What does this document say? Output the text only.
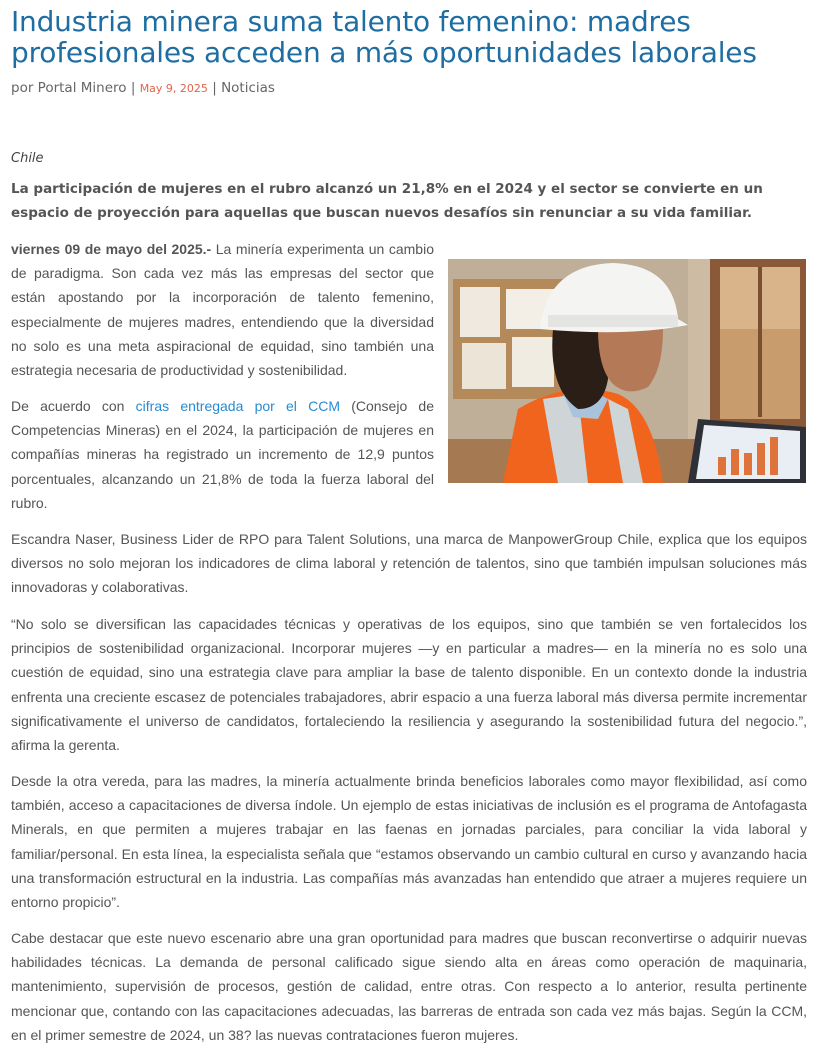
Industria minera suma talento femenino: madres profesionales acceden a más oportunidades laborales
por Portal Minero | May 9, 2025 | Noticias
Chile

La participación de mujeres en el rubro alcanzó un 21,8% en el 2024 y el sector se convierte en un espacio de proyección para aquellas que buscan nuevos desafíos sin renunciar a su vida familiar.

viernes 09 de mayo del 2025.- La minería experimenta un cambio de paradigma. Son cada vez más las empresas del sector que están apostando por la incorporación de talento femenino, especialmente de mujeres madres, entendiendo que la diversidad no solo es una meta aspiracional de equidad, sino también una estrategia necesaria de productividad y sostenibilidad.

De acuerdo con cifras entregada por el CCM (Consejo de Competencias Mineras) en el 2024, la participación de mujeres en compañías mineras ha registrado un incremento de 12,9 puntos porcentuales, alcanzando un 21,8% de toda la fuerza laboral del rubro.

Escandra Naser, Business Lider de RPO para Talent Solutions, una marca de ManpowerGroup Chile, explica que los equipos diversos no solo mejoran los indicadores de clima laboral y retención de talentos, sino que también impulsan soluciones más innovadoras y colaborativas.

“No solo se diversifican las capacidades técnicas y operativas de los equipos, sino que también se ven fortalecidos los principios de sostenibilidad organizacional. Incorporar mujeres —y en particular a madres— en la minería no es solo una cuestión de equidad, sino una estrategia clave para ampliar la base de talento disponible. En un contexto donde la industria enfrenta una creciente escasez de potenciales trabajadores, abrir espacio a una fuerza laboral más diversa permite incrementar significativamente el universo de candidatos, fortaleciendo la resiliencia y asegurando la sostenibilidad futura del negocio.”, afirma la gerenta.

Desde la otra vereda, para las madres, la minería actualmente brinda beneficios laborales como mayor flexibilidad, así como también, acceso a capacitaciones de diversa índole. Un ejemplo de estas iniciativas de inclusión es el programa de Antofagasta Minerals, en que permiten a mujeres trabajar en las faenas en jornadas parciales, para conciliar la vida laboral y familiar/personal. En esta línea, la especialista señala que “estamos observando un cambio cultural en curso y avanzando hacia una transformación estructural en la industria. Las compañías más avanzadas han entendido que atraer a mujeres requiere un entorno propicio”.

Cabe destacar que este nuevo escenario abre una gran oportunidad para madres que buscan reconvertirse o adquirir nuevas habilidades técnicas. La demanda de personal calificado sigue siendo alta en áreas como operación de maquinaria, mantenimiento, supervisión de procesos, gestión de calidad, entre otras. Con respecto a lo anterior, resulta pertinente mencionar que, contando con las capacitaciones adecuadas, las barreras de entrada son cada vez más bajas. Según la CCM, en el primer semestre de 2024, un 38? las nuevas contrataciones fueron mujeres.
